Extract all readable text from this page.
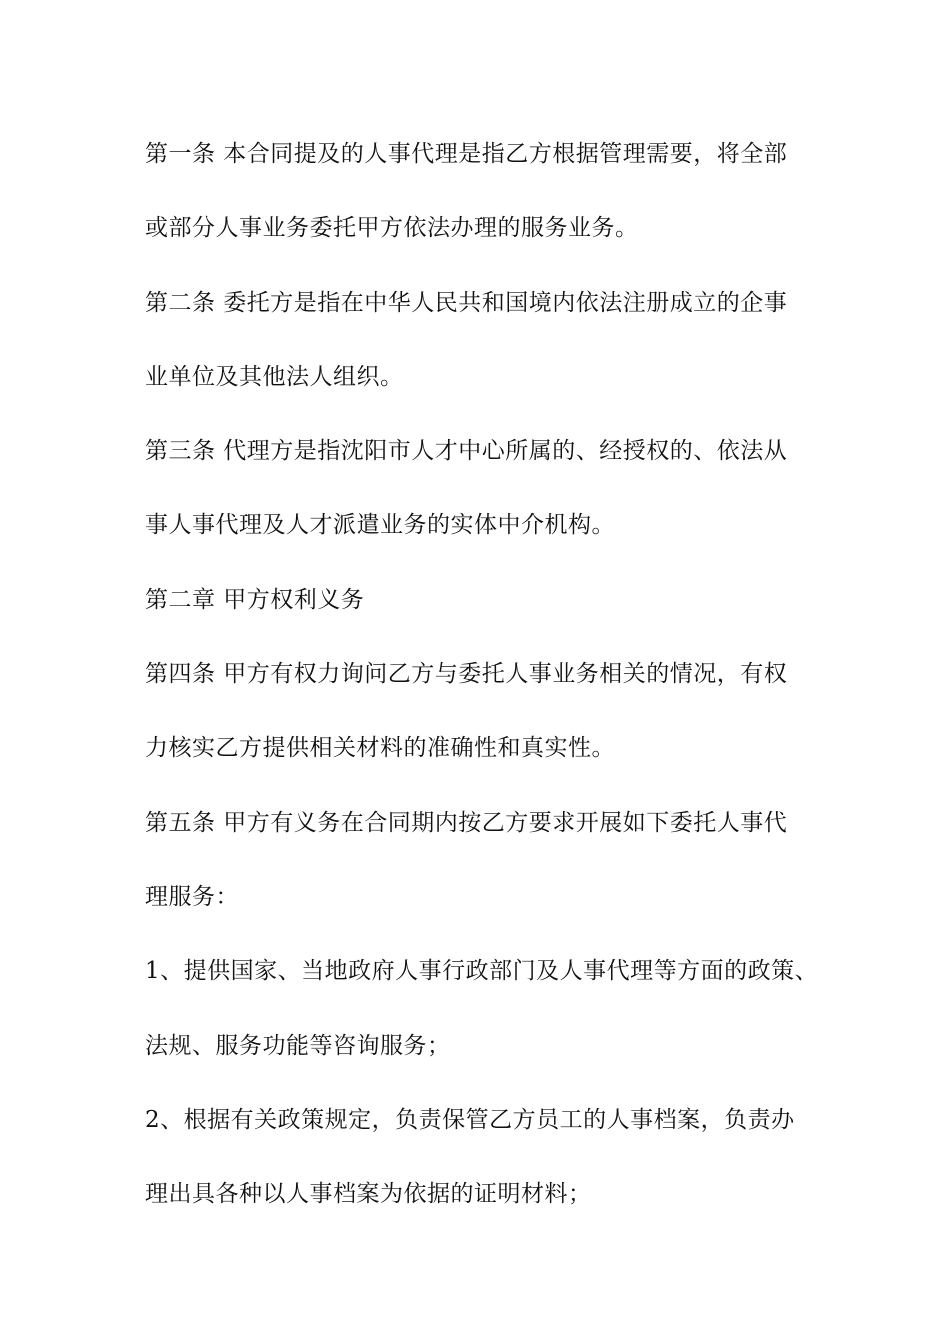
第一条 本合同提及的人事代理是指乙方根据管理需要，将全部
或部分人事业务委托甲方依法办理的服务业务。
第二条 委托方是指在中华人民共和国境内依法注册成立的企事
业单位及其他法人组织。
第三条 代理方是指沈阳市人才中心所属的、经授权的、依法从
事人事代理及人才派遣业务的实体中介机构。
第二章 甲方权利义务
第四条 甲方有权力询问乙方与委托人事业务相关的情况，有权
力核实乙方提供相关材料的准确性和真实性。
第五条 甲方有义务在合同期内按乙方要求开展如下委托人事代
理服务：
1、提供国家、当地政府人事行政部门及人事代理等方面的政策、
法规、服务功能等咨询服务；
2、根据有关政策规定，负责保管乙方员工的人事档案，负责办
理出具各种以人事档案为依据的证明材料；
